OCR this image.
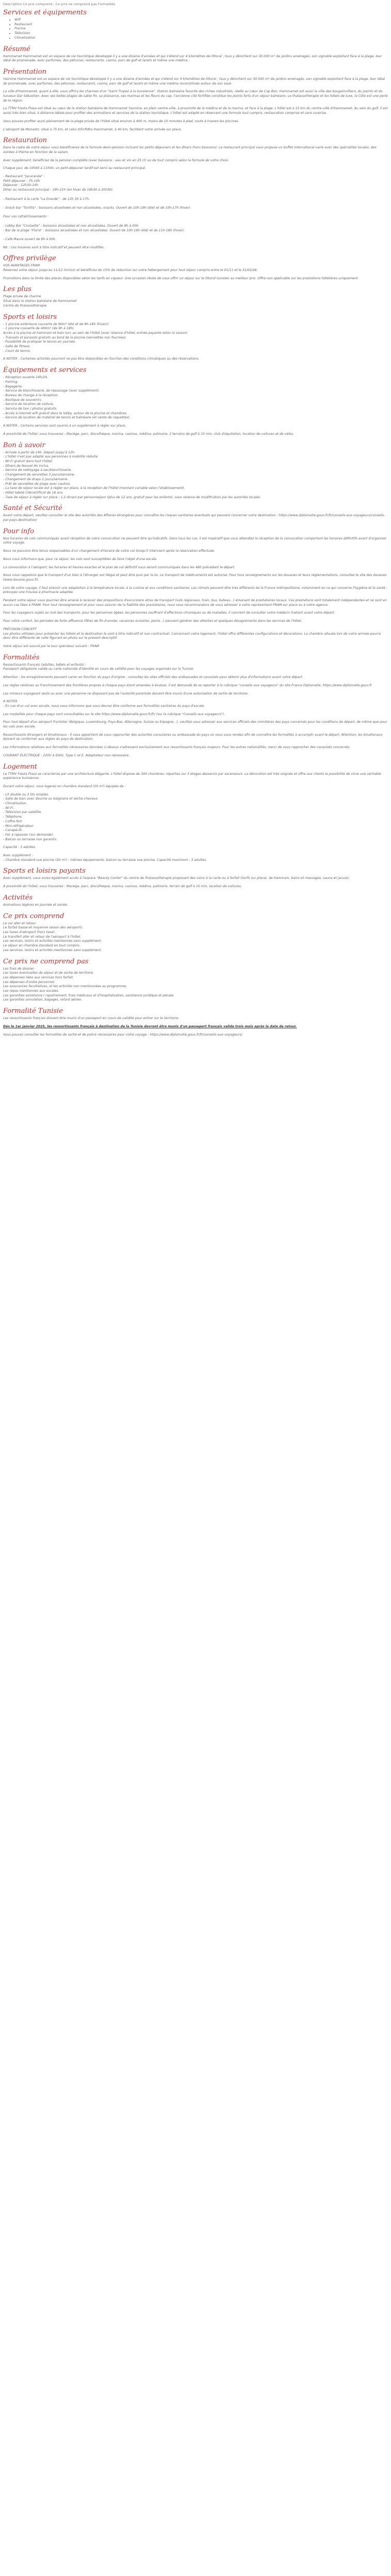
Description Ce prix comprend ; Ce prix ne comprend pas Formalités
Services et équipements
• Wifi
• Restaurant
• Piscine
• Télévision
• Climatisation
Résumé

Hammamet Hammamet est un espace de vie touristique développé il y a une dizaine d'années et qui s'étend sur 4 kilomètres de littoral ; tous y dénichent sur 30 000 m² de jardins aménagés, son vignoble exploitant face à la plage, leur idéal de promenade, avec parfumes, des pétunias, restaurants, casino, parc de golf et lacets et même une médina...

Présentation

Yasmine Hammamet est un espace de vie touristique développé il y a une dizaine d'années et qui s'étend sur 4 kilomètres de littoral ; tous y dénichent sur 30 000 m² de jardins aménagés, son vignoble exploitant face à la plage, leur idéal de promenade, avec parfumes, des pétunias, restaurants, casino, parc de golf et lacets et même une médina reconstituée autour de son souk.

La ville d'Hammamet, quant à elle, vous offrira les charmes d'un "Saint Tropez à la tunisienne". Station balnéaire favorite des riches industriels, réelle au cœur de Cap Bon. Hammamet est aussi la ville des bougainvilliers, du jasmin et du luxueux Dar Sébastien. Avec ses belles plages de sable fin, sa plaisance, ses marinas et les fleurs du cap, l'ancienne cité fortifiée constitue les points forts d'un séjour balnéaire. Le thalassothérapie et les hôtels de luxe, la Côte est une perle de la région.

La TTMV Fiesta Plaza est situé au cœur de la station balnéaire de Hammamet Yasmine, en plein centre-ville, à proximité de la médina et de la marina, et face à la plage. L'hôtel est à 15 km du centre-ville d'Hammamet. Au sein du golf, il est aussi très bien situé, à distance idéale pour profiter des animations et services de la station touristique. L'hôtel est adapté en réservant une formule tout compris, restauration comprise et sans surprise.

Vous pouvez profiter aussi pleinement de la plage privée de l'hôtel situé environ à 400 m, moins de 10 minutes à pied, route à travers les piscines.

L'aéroport de Monastir, situé à 75 km, et celui d'Enfidha Hammamet, à 40 km, facilitent votre arrivée sur place.

Restauration

Dans le cadre de votre séjour vous bénéficierez de la formule demi-pension incluant les petits-déjeuners et les dîners (hors boissons). Le restaurant principal vous propose un buffet international varié avec des spécialités locales, des soirées à thème en fonction de la saison.

Avec supplément, bénéficiez de la pension complète (avec boissons : eau et vin en 25 cl) ou de tout compris selon la formule de votre choix.

Chaque jour, de 10h00 à 11h00, un petit-déjeuner tardif est servi au restaurant principal.

- Restaurant "Jacaranda" :
Petit déjeuner : 7h-10h
Déjeuner : 12h30-14h
Dîner au restaurant principal : 19h-21h (en hiver de 18h30 à 20h30).

- Restaurant à la carte "La Grande" : de 12h 30 à 17h.

- Snack bar "Tortilla" : boissons alcoolisées et non alcoolisées, snacks. Ouvert de 10h-19h (été) et de 10h-17h (hiver).

Pour vos rafraîchissements :

- Lobby Bar "Croisette" : boissons alcoolisées et non alcoolisées. Ouvert de 8h à 00h.
- Bar de la plage "Floria" : boissons alcoolisées et non alcoolisées. Ouvert de 10h-19h (été) et de 11h-16h (hiver).

- Café Maure ouvert de 8h à 00h.

Nb : Ces horaires sont à titre indicatif et peuvent être modifiés.

Offres privilège

VOS AVANTAGES FRAM

Réservez votre séjour jusqu'au 11/12 (inclus) et bénéficiez de 15% de réduction sur votre hébergement pour tout séjour compris entre le 01/11 et le 31/03/26.

Promotions dans la limite des places disponibles selon les tarifs en vigueur. Une occasion rêvée de vous offrir un séjour sur le littoral tunisien au meilleur prix. Offre non applicable sur les prestations hôtelières uniquement.

Les plus
Plage privée de charme
Situé dans la station balnéaire de Hammamet
Centre de thalassothérapie
Sports et loisirs
- 1 piscine extérieure couverte de 90m² (été et de 9h-18h (hiver)).
- 1 piscine couverte de 400m² (de 9h à 18h).
Accès à la piscine et hammam et bain turc au sein de l'hôtel (avec réserve d'hôtel, entrée payante selon la saison).
- Transats et parasols gratuits au bord de la piscine (serviettes non fournies).
- Possibilité de pratiquer le tennis en journée.
- Salle de fitness.
- Court de tennis.

A NOTER : Certaines activités pourront ne pas être disponibles en fonction des conditions climatiques ou des réservations.

Équipements et services
- Réception ouverte 24h/24.
- Parking.
- Bagagerie.
- Service de blanchisserie, de repassage (avec supplément).
- Bureau de change à la réception.
- Boutique de souvenirs.
- Service de location de voiture.
- Service de taxi / photos gratuits.
- Accès à internet wifi gratuit dans le lobby, autour de la piscine et chambres.
- Service de location de matériel de tennis et balnéaire (et vente de raquettes).

A NOTER : Certains services sont soumis à un supplément à régler sur place.

À proximité de l'hôtel, vous trouverez : Manège, parc, discothèque, marina, casinos, médina, patinoire, 2 terrains de golf à 10 min, club d'équitation, location de voitures et de vélos.

Bon à savoir
- Arrivée à partir de 14h. Départ jusqu'à 12h.
- L'hôtel n'est pas adapté aux personnes à mobilité réduite.
- Wi-Fi gratuit dans tout l'hôtel.
- Dîners de Nouvel An inclus.
- Service de nettoyage à sec/blanchisserie.
- Changement de serviettes 3 jours/semaine.
- Changement de draps 2 jours/semaine.
- Prêt de serviettes de plage avec caution.
- La taxe de séjour locale est à régler sur place, à la réception de l'hôtel (montant variable selon l'établissement).
- Hôtel labelé Clé/certificat de 18 ans.
- Taxe de séjour à régler sur place : 1,2 dinars par personne/jour (plus de 12 ans, gratuit pour les enfants), sous réserve de modification par les autorités locales.
Santé et Sécurité

Avant votre départ, veuillez consulter le site des autorités des Affaires étrangères pour connaître les risques sanitaires éventuels qui peuvent concerner votre destination : https://www.diplomatie.gouv.fr/fr/conseils-aux-voyageurs/conseils-par-pays-destination/

Pour info

Nos horaires de vols communiqués avant réception de votre convocation ne peuvent être qu'indicatifs. Dans tous les cas, il est impératif que vous attendiez la réception de la convocation comportant les horaires définitifs avant d'organiser votre voyage.

Nous ne pouvons être tenus responsables d'un changement d'horaire de votre vol lorsqu'il intervient après la réservation effectuée.

Nous vous informons que, pour ce séjour, les vols sont susceptibles de faire l'objet d'une escale.

La convocation à l'aéroport, les horaires et heures exactes et le plan de vol définitif vous seront communiqués dans les 48h précédant le départ.

Nous vous rappelons que le transport d'un bien à l'étranger est illégal et peut être puni par la loi. Le transport de médicaments est autorisé. Pour tous renseignements sur les douanes et leurs réglementations, consultez le site des douanes (www.douane.gouv.fr).

Lors de votre voyage, il faut prévoir une adaptation à la température locale, à la cuisine et aux conditions sanitaires. Les climats peuvent être très différents de la France métropolitaine, notamment en ce qui concerne l'hygiène et la santé : prévoyez une trousse à pharmacie adaptée.

Pendant votre séjour vous pourriez être amené à recevoir des propositions d'excursions et/ou de transport (vols régionaux, train, bus, bateau...) émanant de prestataires locaux. Ces prestations sont totalement indépendantes et ne sont en aucun cas liées à FRAM. Pour tout renseignement et pour vous assurer de la fiabilité des prestataires, nous vous recommandons de vous adresser à votre représentant FRAM sur place ou à votre agence.

Pour les voyageurs sujets au mal des transports, pour les personnes âgées, les personnes souffrant d'affections chroniques ou de maladies, il convient de consulter votre médecin traitant avant votre départ.

Pour votre confort, les périodes de forte affluence (fêtes de fin d'année, vacances scolaires, ponts...) peuvent générer des attentes et quelques désagréments dans les services de l'hôtel.

PRÉCISION CONCEPT

Les photos utilisées pour présenter les hôtels et la destination le sont à titre indicatif et non contractuel. Concernant votre logement, l'hôtel offre différentes configurations et décorations. La chambre allouée lors de votre arrivée pourra donc être différente de celle figurant en photo sur le présent descriptif.

Votre séjour est assuré par le tour opérateur suivant : FRAM

Formalités

Ressortissants français (adultes, bébés et enfants) :

Passeport obligatoire valide ou carte nationale d'identité en cours de validité pour les voyages organisés sur la Tunisie.

Attention : les enregistrements peuvent varier en fonction du pays d'origine : consultez les sites officiels des ambassades et consulats pour obtenir plus d'informations avant votre départ.

Les règles relatives au franchissement des frontières propres à chaque pays étant amenées à évoluer, il est demandé de se reporter à la rubrique "conseils aux voyageurs" du site France Diplomatie. https://www.diplomatie.gouv.fr

Les mineurs voyageant seuls ou avec une personne ne disposant pas de l'autorité parentale doivent être munis d'une autorisation de sortie de territoire.

A NOTER

- En cas d'un vol avec escale, nous vous informons que vous devrez être conforme aux formalités sanitaires du pays d'escale.

Les modalités pour chaque pays sont consultables sur le site https://www.diplomatie.gouv.fr/fr/ (sur la rubrique "Conseils aux voyageurs").

Pour tout départ d'un aéroport frontalier (Belgique, Luxembourg, Pays-Bas, Allemagne, Suisse ou Espagne...), veuillez vous adresser aux services officiels des ministères des pays concernés pour les conditions de départ, de même que pour les vols avec escale.

Ressortissants étrangers et binationaux : Il vous appartient de vous rapprocher des autorités consulaires ou ambassade du pays où vous vous rendez afin de connaître les formalités à accomplir avant le départ. Attention, les binationaux doivent se conformer aux règles du pays de destination.

Les informations relatives aux formalités nécessaires données ci-dessus s'adressent exclusivement aux ressortissants français majeurs. Pour les autres nationalités, merci de vous rapprocher des consulats concernés.

COURANT ÉLECTRIQUE : 220V à 50Hz. Type C et E. Adaptateur non nécessaire.

Logement

Le TTMV Fiesta Plaza se caractérise par une architecture élégante. L'hôtel dispose de 300 chambres, réparties sur 3 étages desservis par ascenseurs. La décoration est très soignée et offre aux clients la possibilité de vivre une véritable expérience tunisienne.

Durant votre séjour, vous logerez en chambre standard (20 m²) équipée de :

- Lit double ou 2 lits simples.
- Salle de bain avec douche ou baignoire et sèche-cheveux.
- Climatisation.
- Wi-Fi.
- Télévision par satellite.
- Téléphone.
- Coffre-fort.
- Mini-réfrigérateur.
- Canapé-lit.
- Fer à repasser (sur demande).
- Balcon ou terrasse non garantis.

Capacité : 3 adultes.

Avec supplément :

- Chambre standard vue piscine (20 m²) : mêmes équipements, balcon ou terrasse vue piscine. Capacité maximum : 3 adultes.

Sports et loisirs payants

Avec supplément, vous aurez également accès à l'espace "Beauty Center" du centre de thalassothérapie proposant des soins à la carte ou à forfait (tarifs sur place), de hammam, bains et massages, sauna et jacuzzi.

À proximité de l'hôtel, vous trouverez : Manège, parc, discothèque, marina, casinos, médina, patinoire, terrain de golf à 10 min, location de voitures.

Activités

Animations légères en journée et soirée.

Ce prix comprend
Le vol aller et retour.
Le forfait basse et moyenne saison des aéroports.
Les taxes d'aéroport (hors taxe).
Le transfert aller et retour de l'aéroport à l'hôtel.
Les services, loisirs et activités mentionnés sans supplément.
Le séjour en chambre standard en tout compris.
Les services, loisirs et activités mentionnés sans supplément.
Ce prix ne comprend pas
Les frais de dossier.
Les taxes éventuelles de séjour et de sortie de territoire.
Les dépenses liées aux services hors forfait.
Les dépenses d'ordre personnel.
Les assurances facultatives, et les activités non mentionnées au programme.
Les repas mentionnés aux escales.
Les garanties assistance / rapatriement, frais médicaux et d'hospitalisation, assistance juridique et pénale.
Les garanties annulation, bagages, retard aérien.
Formalité Tunisie

Les ressortissants français doivent être munis d'un passeport en cours de validité pour entrer sur le territoire.

Dès le 1er janvier 2025, les ressortissants français à destination de la Tunisie devront être munis d'un passeport français valide trois mois après la date de retour.

Vous pouvez consulter les formalités de sortie et de police nécessaires pour votre voyage : https://www.diplomatie.gouv.fr/fr/conseils-aux-voyageurs/
